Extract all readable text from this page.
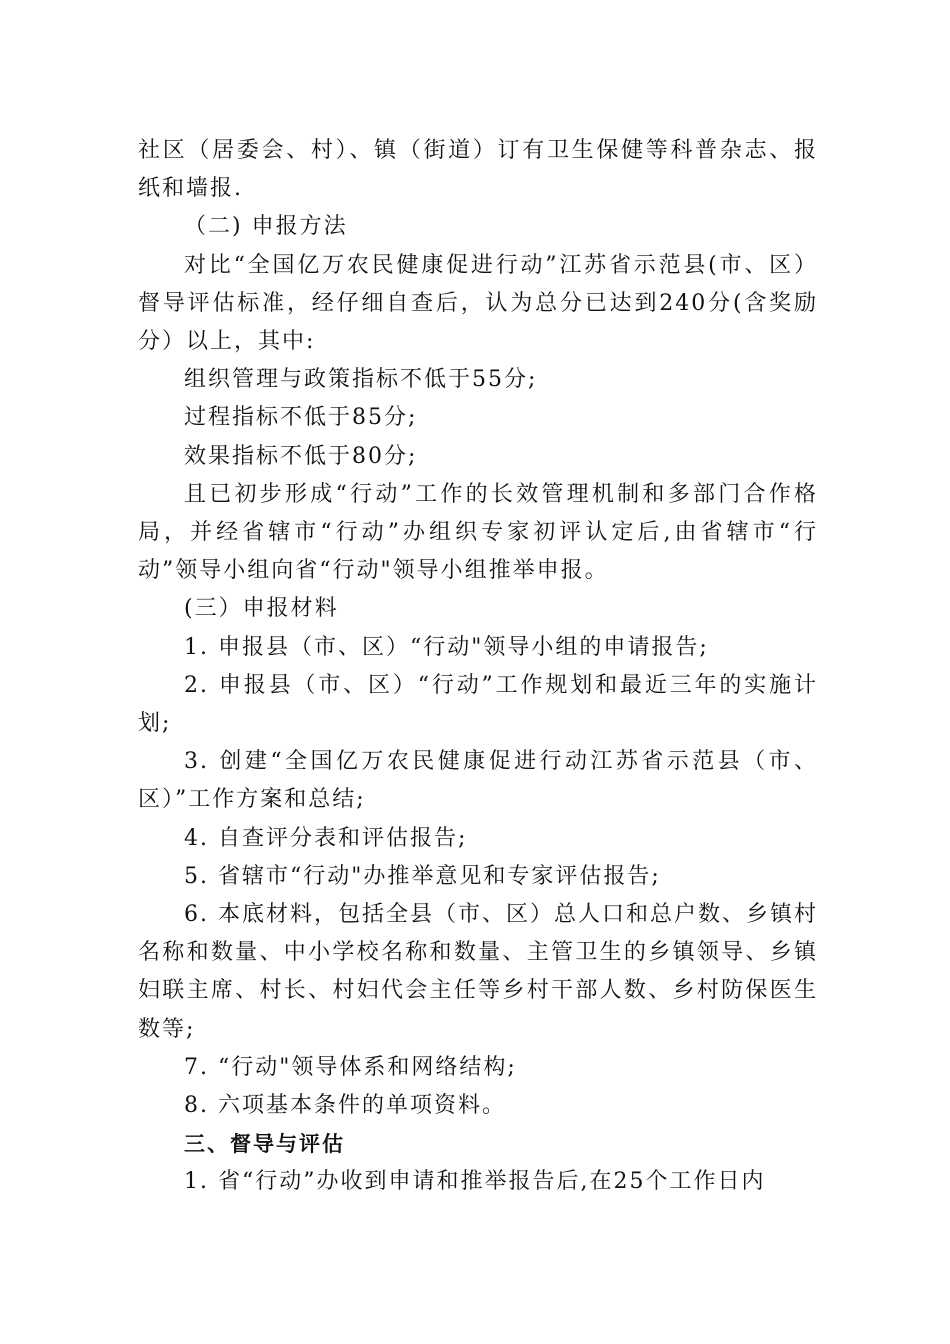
社区（居委会、村）、镇（街道）订有卫生保健等科普杂志、报纸和墙报.

（二) 申报方法

对比“全国亿万农民健康促进行动”江苏省示范县(市、区）督导评估标准，经仔细自查后，认为总分已达到240分(含奖励分）以上，其中:

组织管理与政策指标不低于55分;

过程指标不低于85分;

效果指标不低于80分;

且已初步形成“行动”工作的长效管理机制和多部门合作格局，并经省辖市“行动”办组织专家初评认定后,由省辖市“行动”领导小组向省“行动"领导小组推举申报。

(三）申报材料

1. 申报县（市、区）“行动"领导小组的申请报告;

2. 申报县（市、区）“行动”工作规划和最近三年的实施计划;

3. 创建“全国亿万农民健康促进行动江苏省示范县（市、区）”工作方案和总结;

4. 自查评分表和评估报告;

5. 省辖市“行动"办推举意见和专家评估报告;

6. 本底材料，包括全县（市、区）总人口和总户数、乡镇村名称和数量、中小学校名称和数量、主管卫生的乡镇领导、乡镇妇联主席、村长、村妇代会主任等乡村干部人数、乡村防保医生数等;

7. “行动"领导体系和网络结构;

8. 六项基本条件的单项资料。

三、督导与评估

1. 省“行动”办收到申请和推举报告后,在25个工作日内
